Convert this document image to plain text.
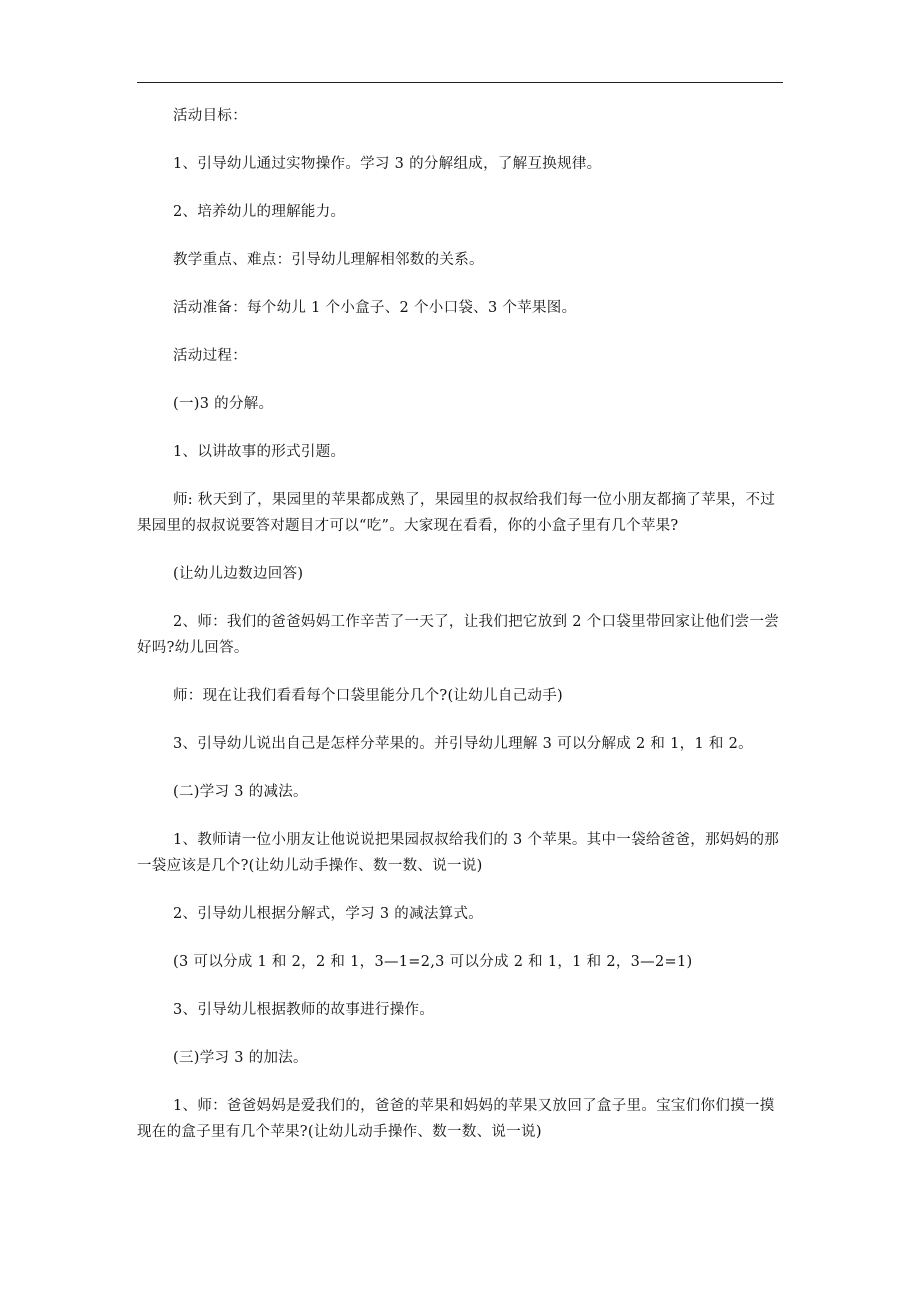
活动目标：

1、引导幼儿通过实物操作。学习 3 的分解组成，了解互换规律。

2、培养幼儿的理解能力。

教学重点、难点：引导幼儿理解相邻数的关系。

活动准备：每个幼儿 1 个小盒子、2 个小口袋、3 个苹果图。

活动过程：

(一)3 的分解。

1、以讲故事的形式引题。

师: 秋天到了，果园里的苹果都成熟了，果园里的叔叔给我们每一位小朋友都摘了苹果，不过果园里的叔叔说要答对题目才可以“吃”。大家现在看看，你的小盒子里有几个苹果?

(让幼儿边数边回答)

2、师：我们的爸爸妈妈工作辛苦了一天了，让我们把它放到 2 个口袋里带回家让他们尝一尝好吗?幼儿回答。

师：现在让我们看看每个口袋里能分几个?(让幼儿自己动手)

3、引导幼儿说出自己是怎样分苹果的。并引导幼儿理解 3 可以分解成 2 和 1，1 和 2。

(二)学习 3 的减法。

1、教师请一位小朋友让他说说把果园叔叔给我们的 3 个苹果。其中一袋给爸爸，那妈妈的那一袋应该是几个?(让幼儿动手操作、数一数、说一说)

2、引导幼儿根据分解式，学习 3 的减法算式。

(3 可以分成 1 和 2，2 和 1，3—1=2,3 可以分成 2 和 1，1 和 2，3—2=1)

3、引导幼儿根据教师的故事进行操作。

(三)学习 3 的加法。

1、师：爸爸妈妈是爱我们的，爸爸的苹果和妈妈的苹果又放回了盒子里。宝宝们你们摸一摸现在的盒子里有几个苹果?(让幼儿动手操作、数一数、说一说)
